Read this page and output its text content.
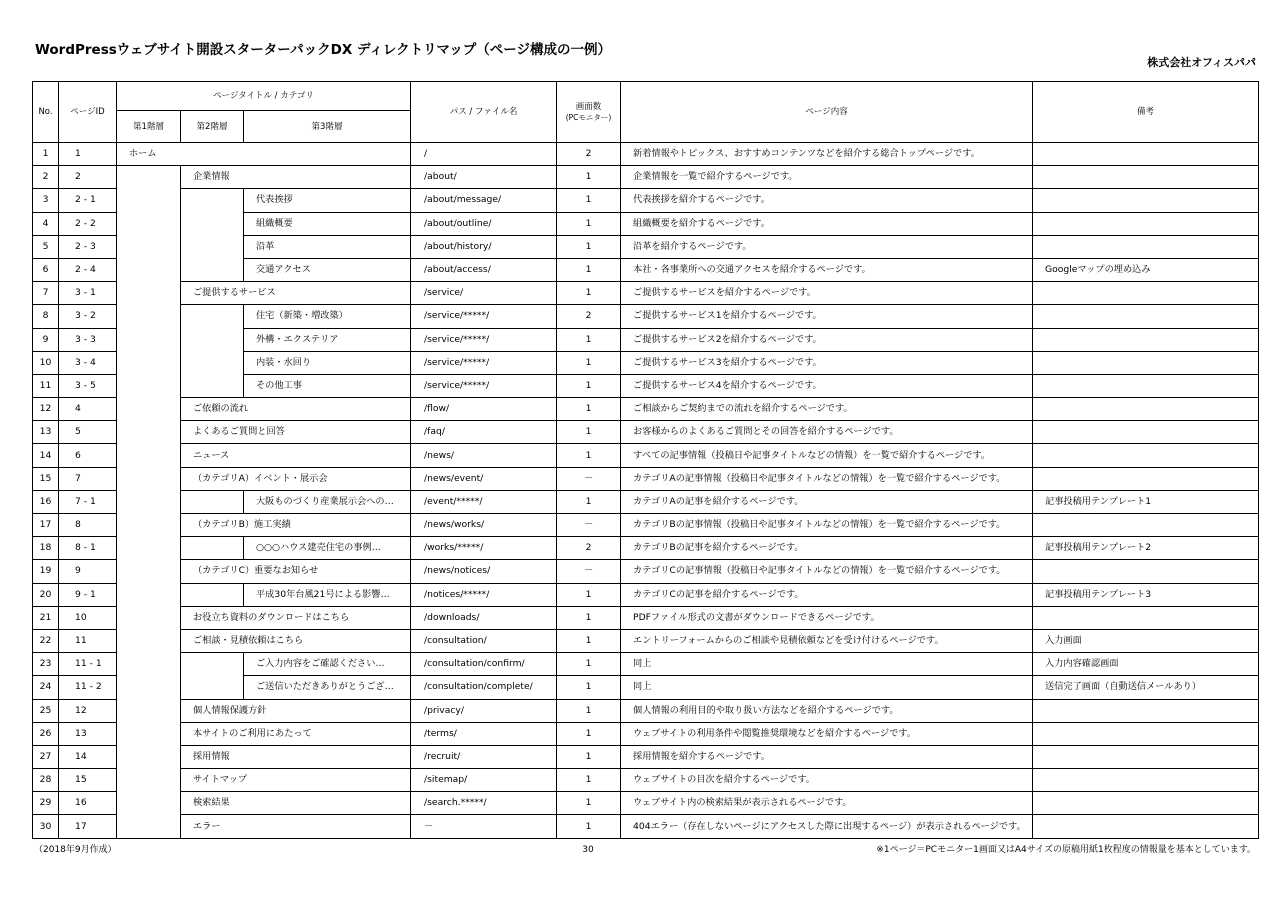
WordPressウェブサイト開設スターターパックDX ディレクトリマップ（ページ構成の一例）
株式会社オフィスパパ
No.	ページID	ページタイトル / カテゴリ			パス / ファイル名	画面数
(PCモニター)	ページ内容	備考
		第1階層	第2階層	第3階層				
1	1	ホーム			/	2	新着情報やトピックス、おすすめコンテンツなどを紹介する総合トップページです。	
2	2		企業情報		/about/	1	企業情報を一覧で紹介するページです。	
3	2 - 1			代表挨拶	/about/message/	1	代表挨拶を紹介するページです。	
4	2 - 2			組織概要	/about/outline/	1	組織概要を紹介するページです。	
5	2 - 3			沿革	/about/history/	1	沿革を紹介するページです。	
6	2 - 4			交通アクセス	/about/access/	1	本社・各事業所への交通アクセスを紹介するページです。	Googleマップの埋め込み
7	3 - 1		ご提供するサービス		/service/	1	ご提供するサービスを紹介するページです。	
8	3 - 2			住宅（新築・増改築）	/service/*****/	2	ご提供するサービス1を紹介するページです。	
9	3 - 3			外構・エクステリア	/service/*****/	1	ご提供するサービス2を紹介するページです。	
10	3 - 4			内装・水回り	/service/*****/	1	ご提供するサービス3を紹介するページです。	
11	3 - 5			その他工事	/service/*****/	1	ご提供するサービス4を紹介するページです。	
12	4		ご依頼の流れ		/flow/	1	ご相談からご契約までの流れを紹介するページです。	
13	5		よくあるご質問と回答		/faq/	1	お客様からのよくあるご質問とその回答を紹介するページです。	
14	6		ニュース		/news/	1	すべての記事情報（投稿日や記事タイトルなどの情報）を一覧で紹介するページです。	
15	7		（カテゴリA）イベント・展示会		/news/event/	－	カテゴリAの記事情報（投稿日や記事タイトルなどの情報）を一覧で紹介するページです。	
16	7 - 1			大阪ものづくり産業展示会への…	/event/*****/	1	カテゴリAの記事を紹介するページです。	記事投稿用テンプレート1
17	8		（カテゴリB）施工実績		/news/works/	－	カテゴリBの記事情報（投稿日や記事タイトルなどの情報）を一覧で紹介するページです。	
18	8 - 1			○○○ハウス建売住宅の事例…	/works/*****/	2	カテゴリBの記事を紹介するページです。	記事投稿用テンプレート2
19	9		（カテゴリC）重要なお知らせ		/news/notices/	－	カテゴリCの記事情報（投稿日や記事タイトルなどの情報）を一覧で紹介するページです。	
20	9 - 1			平成30年台風21号による影響…	/notices/*****/	1	カテゴリCの記事を紹介するページです。	記事投稿用テンプレート3
21	10		お役立ち資料のダウンロードはこちら		/downloads/	1	PDFファイル形式の文書がダウンロードできるページです。	
22	11		ご相談・見積依頼はこちら		/consultation/	1	エントリーフォームからのご相談や見積依頼などを受け付けるページです。	入力画面
23	11 - 1			ご入力内容をご確認ください…	/consultation/confirm/	1	同上	入力内容確認画面
24	11 - 2			ご送信いただきありがとうござ…	/consultation/complete/	1	同上	送信完了画面（自動送信メールあり）
25	12		個人情報保護方針		/privacy/	1	個人情報の利用目的や取り扱い方法などを紹介するページです。	
26	13		本サイトのご利用にあたって		/terms/	1	ウェブサイトの利用条件や閲覧推奨環境などを紹介するページです。	
27	14		採用情報		/recruit/	1	採用情報を紹介するページです。	
28	15		サイトマップ		/sitemap/	1	ウェブサイトの目次を紹介するページです。	
29	16		検索結果		/search.*****/	1	ウェブサイト内の検索結果が表示されるページです。	
30	17		エラー		－	1	404エラー（存在しないページにアクセスした際に出現するページ）が表示されるページです。	
（2018年9月作成）	30	※1ページ＝PCモニター1画面又はA4サイズの原稿用紙1枚程度の情報量を基本としています。
